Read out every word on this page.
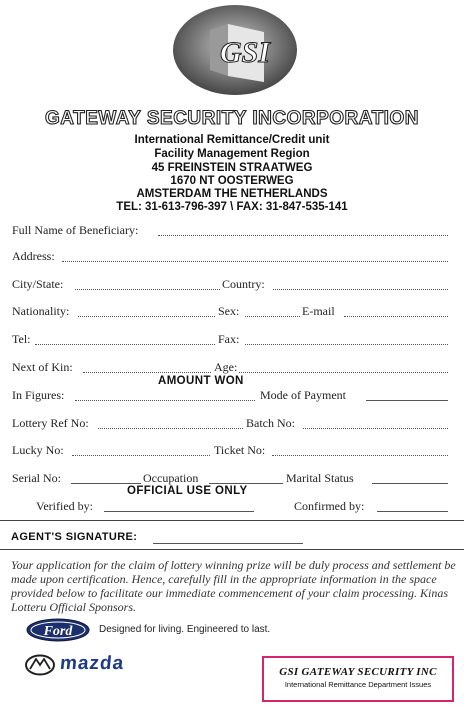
GSI
GATEWAY SECURITY INCORPORATION
International Remittance/Credit unit
Facility Management Region
45 FREINSTEIN STRAATWEG
1670 NT OOSTERWEG
AMSTERDAM THE NETHERLANDS
TEL: 31-613-796-397 \ FAX: 31-847-535-141
Full Name of Beneficiary:
Address:
City/State:	Country:
Nationality:	Sex:	E-mail
Tel:	Fax:
Next of Kin:	Age:
AMOUNT WON
In Figures:	Mode of Payment
Lottery Ref No:	Batch No:
Lucky No:	Ticket No:
Serial No:	Occupation	Marital Status
OFFICIAL USE ONLY
Verified by:	Confirmed by:
AGENT'S SIGNATURE:
Your application for the claim of lottery winning prize will be duly process and settlement be made upon certification. Hence, carefully fill in the appropriate information in the space provided below to facilitate our immediate commencement of your claim processing. Kinas Lotteru Official Sponsors.
Ford	Designed for living. Engineered to last.
mazda	GSI GATEWAY SECURITY INC
International Remittance Department Issues
